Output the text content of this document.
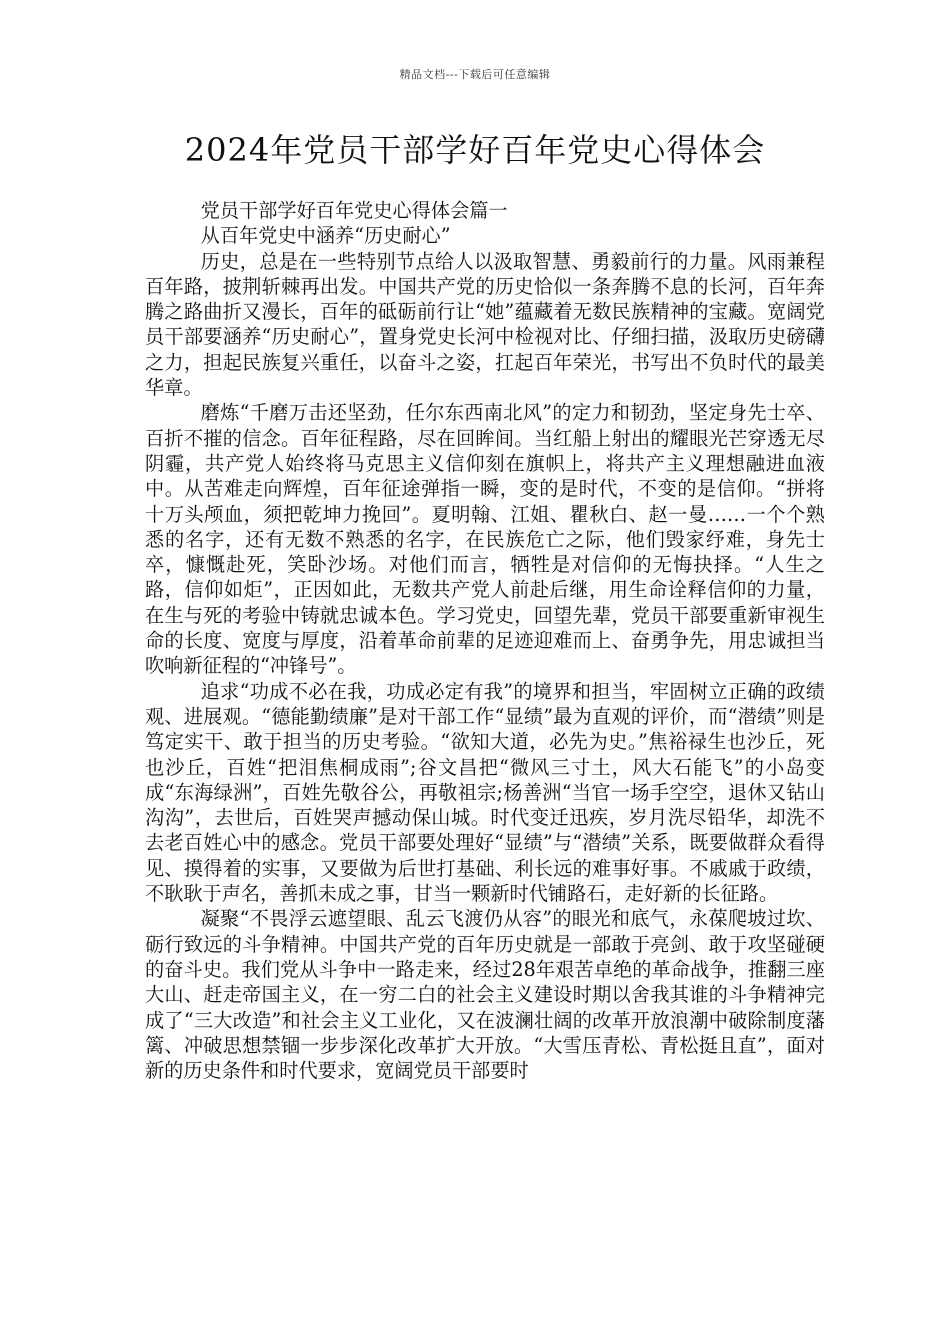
精品文档---下载后可任意编辑
2024年党员干部学好百年党史心得体会

党员干部学好百年党史心得体会篇一

从百年党史中涵养“历史耐心”

历史，总是在一些特别节点给人以汲取智慧、勇毅前行的力量。风雨兼程百年路，披荆斩棘再出发。中国共产党的历史恰似一条奔腾不息的长河，百年奔腾之路曲折又漫长，百年的砥砺前行让“她”蕴藏着无数民族精神的宝藏。宽阔党员干部要涵养“历史耐心”，置身党史长河中检视对比、仔细扫描，汲取历史磅礴之力，担起民族复兴重任，以奋斗之姿，扛起百年荣光，书写出不负时代的最美华章。

磨炼“千磨万击还坚劲，任尔东西南北风”的定力和韧劲，坚定身先士卒、百折不摧的信念。百年征程路，尽在回眸间。当红船上射出的耀眼光芒穿透无尽阴霾，共产党人始终将马克思主义信仰刻在旗帜上，将共产主义理想融进血液中。从苦难走向辉煌，百年征途弹指一瞬，变的是时代，不变的是信仰。“拼将十万头颅血，须把乾坤力挽回”。夏明翰、江姐、瞿秋白、赵一曼……一个个熟悉的名字，还有无数不熟悉的名字，在民族危亡之际，他们毁家纾难，身先士卒，慷慨赴死，笑卧沙场。对他们而言，牺牲是对信仰的无悔抉择。“人生之路，信仰如炬”，正因如此，无数共产党人前赴后继，用生命诠释信仰的力量，在生与死的考验中铸就忠诚本色。学习党史，回望先辈，党员干部要重新审视生命的长度、宽度与厚度，沿着革命前辈的足迹迎难而上、奋勇争先，用忠诚担当吹响新征程的“冲锋号”。

追求“功成不必在我，功成必定有我”的境界和担当，牢固树立正确的政绩观、进展观。“德能勤绩廉”是对干部工作“显绩”最为直观的评价，而“潜绩”则是笃定实干、敢于担当的历史考验。“欲知大道，必先为史。”焦裕禄生也沙丘，死也沙丘，百姓“把泪焦桐成雨”;谷文昌把“微风三寸土，风大石能飞”的小岛变成“东海绿洲”，百姓先敬谷公，再敬祖宗;杨善洲“当官一场手空空，退休又钻山沟沟”，去世后，百姓哭声撼动保山城。时代变迁迅疾，岁月洗尽铅华，却洗不去老百姓心中的感念。党员干部要处理好“显绩”与“潜绩”关系，既要做群众看得见、摸得着的实事，又要做为后世打基础、利长远的难事好事。不戚戚于政绩，不耿耿于声名，善抓未成之事，甘当一颗新时代铺路石，走好新的长征路。

凝聚“不畏浮云遮望眼、乱云飞渡仍从容”的眼光和底气，永葆爬坡过坎、砺行致远的斗争精神。中国共产党的百年历史就是一部敢于亮剑、敢于攻坚碰硬的奋斗史。我们党从斗争中一路走来，经过28年艰苦卓绝的革命战争，推翻三座大山、赶走帝国主义，在一穷二白的社会主义建设时期以舍我其谁的斗争精神完成了“三大改造”和社会主义工业化，又在波澜壮阔的改革开放浪潮中破除制度藩篱、冲破思想禁锢一步步深化改革扩大开放。“大雪压青松、青松挺且直”，面对新的历史条件和时代要求，宽阔党员干部要时
